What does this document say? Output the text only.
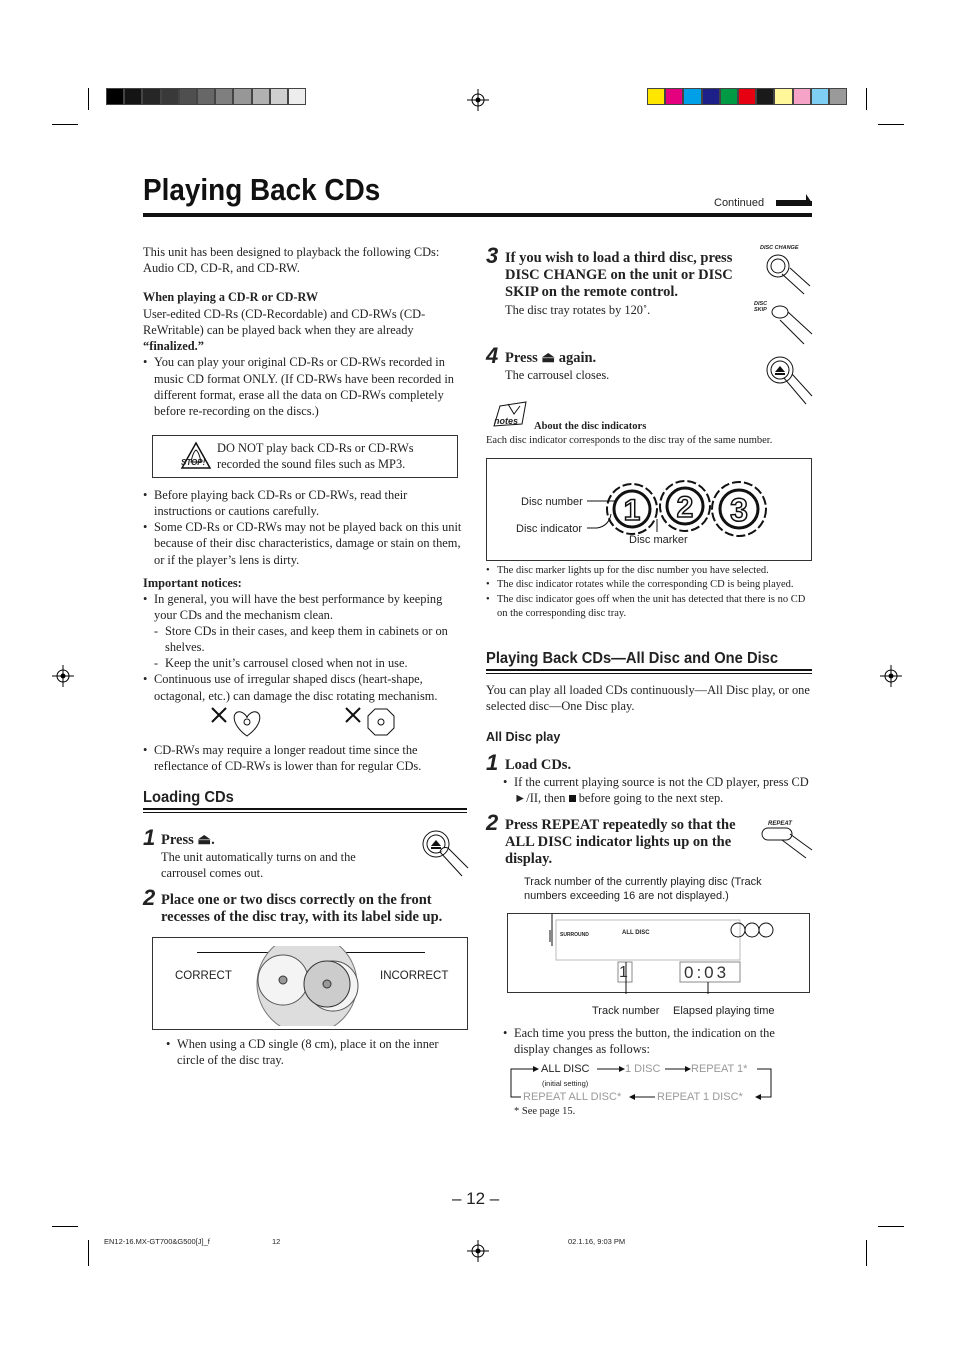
Playing Back CDs	Continued

This unit has been designed to playback the following CDs: Audio CD, CD-R, and CD-RW.

When playing a CD-R or CD-RW

User-edited CD-Rs (CD-Recordable) and CD-RWs (CD-ReWritable) can be played back when they are already “finalized.”

• You can play your original CD-Rs or CD-RWs recorded in music CD format ONLY. (If CD-RWs have been recorded in different format, erase all the data on CD-RWs completely before re-recording on the discs.)

STOP!
DO NOT play back CD-Rs or CD-RWs recorded the sound files such as MP3.

• Before playing back CD-Rs or CD-RWs, read their instructions or cautions carefully.

• Some CD-Rs or CD-RWs may not be played back on this unit because of their disc characteristics, damage or stain on them, or if the player’s lens is dirty.

Important notices:

• In general, you will have the best performance by keeping your CDs and the mechanism clean.

- Store CDs in their cases, and keep them in cabinets or on shelves.

- Keep the unit’s carrousel closed when not in use.

• Continuous use of irregular shaped discs (heart-shape, octagonal, etc.) can damage the disc rotating mechanism.

• CD-RWs may require a longer readout time since the reflectance of CD-RWs is lower than for regular CDs.

Loading CDs
1 Press ⏏.
The unit automatically turns on and the carrousel comes out.
2 Place one or two discs correctly on the front recesses of the disc tray, with its label side up.
CORRECT	INCORRECT

• When using a CD single (8 cm), place it on the inner circle of the disc tray.

3 If you wish to load a third disc, press DISC CHANGE on the unit or DISC SKIP on the remote control.
The disc tray rotates by 120˚.
DISC CHANGE
DISC SKIP
4 Press ⏏ again.
The carrousel closes.
notes About the disc indicators
Each disc indicator corresponds to the disc tray of the same number.
Disc number
Disc indicator
Disc marker
1 2 3

• The disc marker lights up for the disc number you have selected.

• The disc indicator rotates while the corresponding CD is being played.

• The disc indicator goes off when the unit has detected that there is no CD on the corresponding disc tray.

Playing Back CDs—All Disc and One Disc
You can play all loaded CDs continuously—All Disc play, or one selected disc—One Disc play.
All Disc play
1 Load CDs.

• If the current playing source is not the CD player, press CD ►/II, then before going to the next step.

2 Press REPEAT repeatedly so that the ALL DISC indicator lights up on the display.
REPEAT
Track number of the currently playing disc (Track numbers exceeding 16 are not displayed.)
SURROUND	ALL DISC
1	0:03
Track number Elapsed playing time

• Each time you press the button, the indication on the display changes as follows:

ALL DISC	1 DISC	REPEAT 1*
(initial setting)
REPEAT ALL DISC*	REPEAT 1 DISC*
* See page 15.
– 12 –
EN12-16.MX-GT700&G500[J]_f	12	02.1.16, 9:03 PM
